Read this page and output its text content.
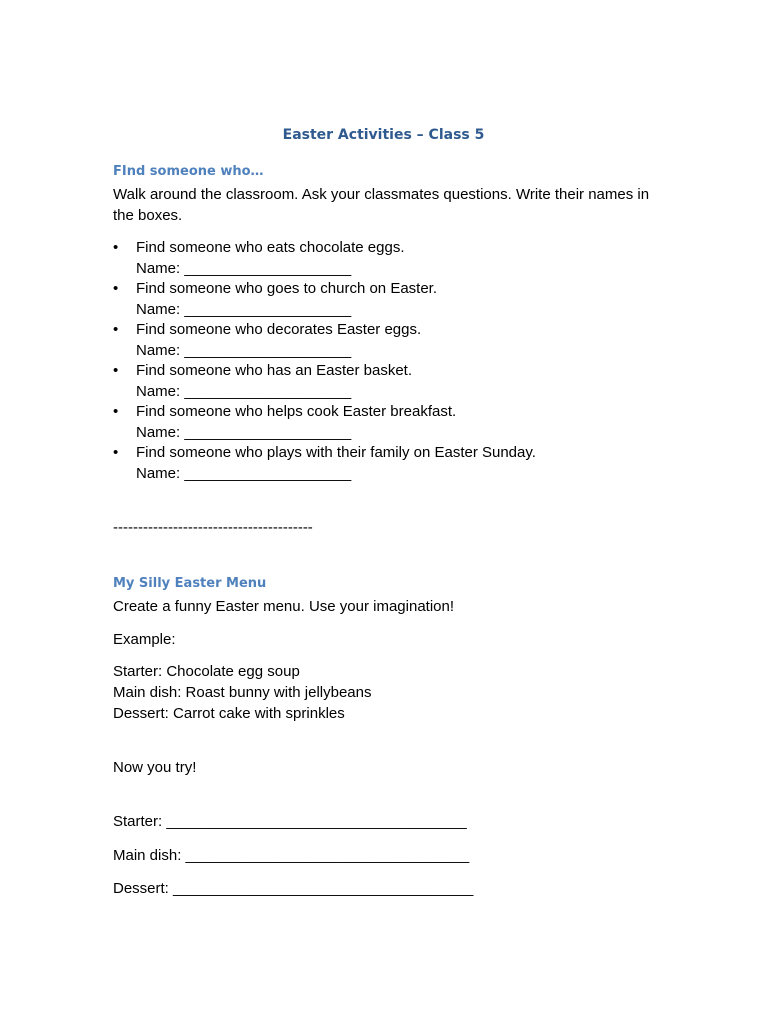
Easter Activities – Class 5
FInd someone who…

Walk around the classroom. Ask your classmates questions. Write their names in the boxes.

• Find someone who eats chocolate eggs.
Name: ____________________
• Find someone who goes to church on Easter.
Name: ____________________
• Find someone who decorates Easter eggs.
Name: ____________________
• Find someone who has an Easter basket.
Name: ____________________
• Find someone who helps cook Easter breakfast.
Name: ____________________
• Find someone who plays with their family on Easter Sunday.
Name: ____________________

----------------------------------------

My Silly Easter Menu

Create a funny Easter menu. Use your imagination!

Example:

Starter: Chocolate egg soup
Main dish: Roast bunny with jellybeans
Dessert: Carrot cake with sprinkles

Now you try!

Starter: ____________________________________

Main dish: __________________________________

Dessert: ____________________________________
